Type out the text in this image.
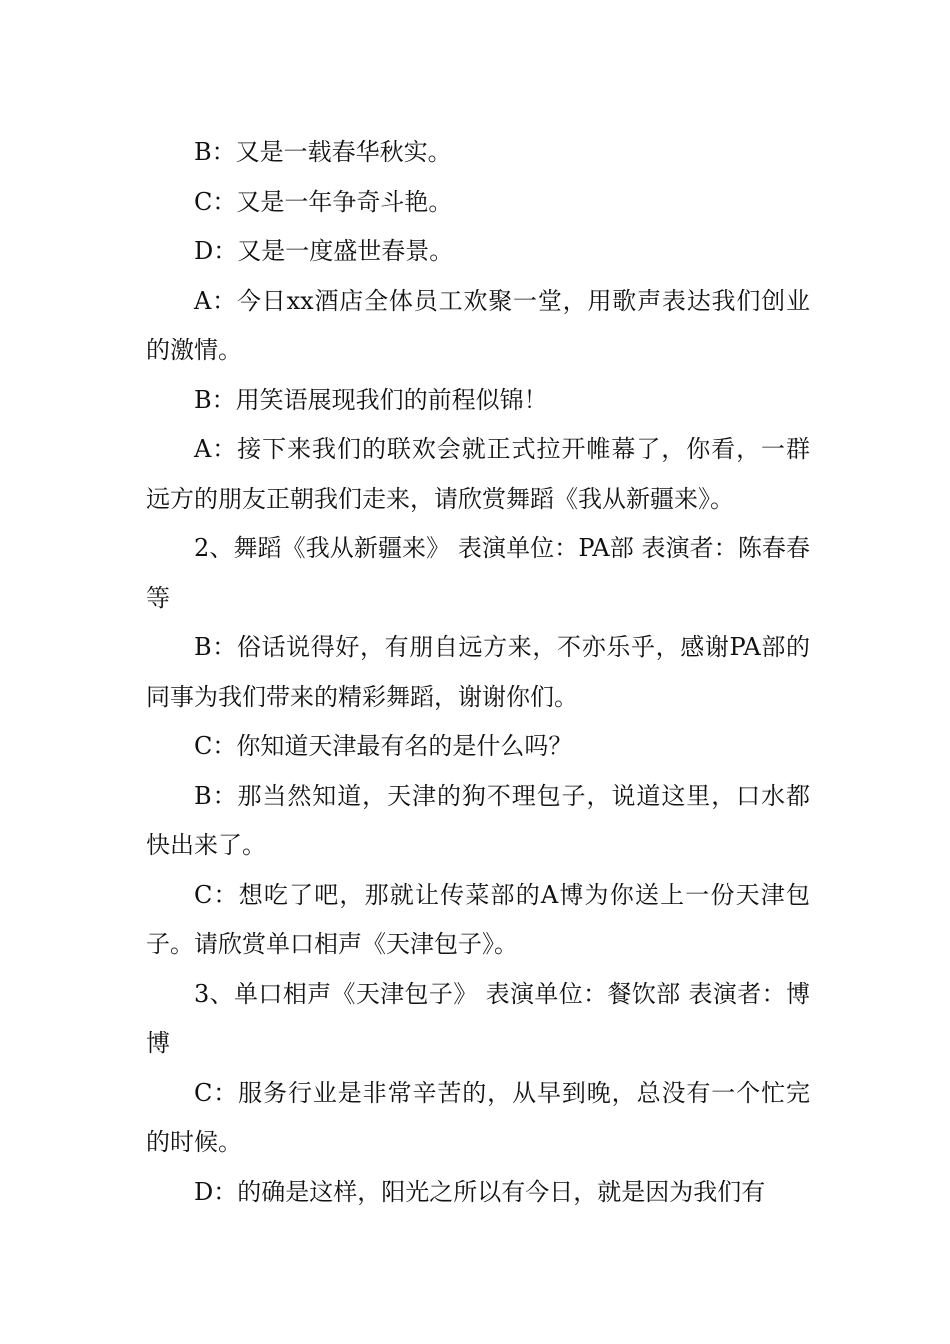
B：又是一载春华秋实。

C：又是一年争奇斗艳。

D：又是一度盛世春景。

A：今日xx酒店全体员工欢聚一堂，用歌声表达我们创业的激情。

B：用笑语展现我们的前程似锦！

A：接下来我们的联欢会就正式拉开帷幕了，你看，一群远方的朋友正朝我们走来，请欣赏舞蹈《我从新疆来》。

2、舞蹈《我从新疆来》 表演单位：PA部 表演者：陈春春等

B：俗话说得好，有朋自远方来，不亦乐乎，感谢PA部的同事为我们带来的精彩舞蹈，谢谢你们。

C：你知道天津最有名的是什么吗？

B：那当然知道，天津的狗不理包子，说道这里，口水都快出来了。

C：想吃了吧，那就让传菜部的A博为你送上一份天津包子。请欣赏单口相声《天津包子》。

3、单口相声《天津包子》 表演单位：餐饮部 表演者：博博

C：服务行业是非常辛苦的，从早到晚，总没有一个忙完的时候。

D：的确是这样，阳光之所以有今日，就是因为我们有
